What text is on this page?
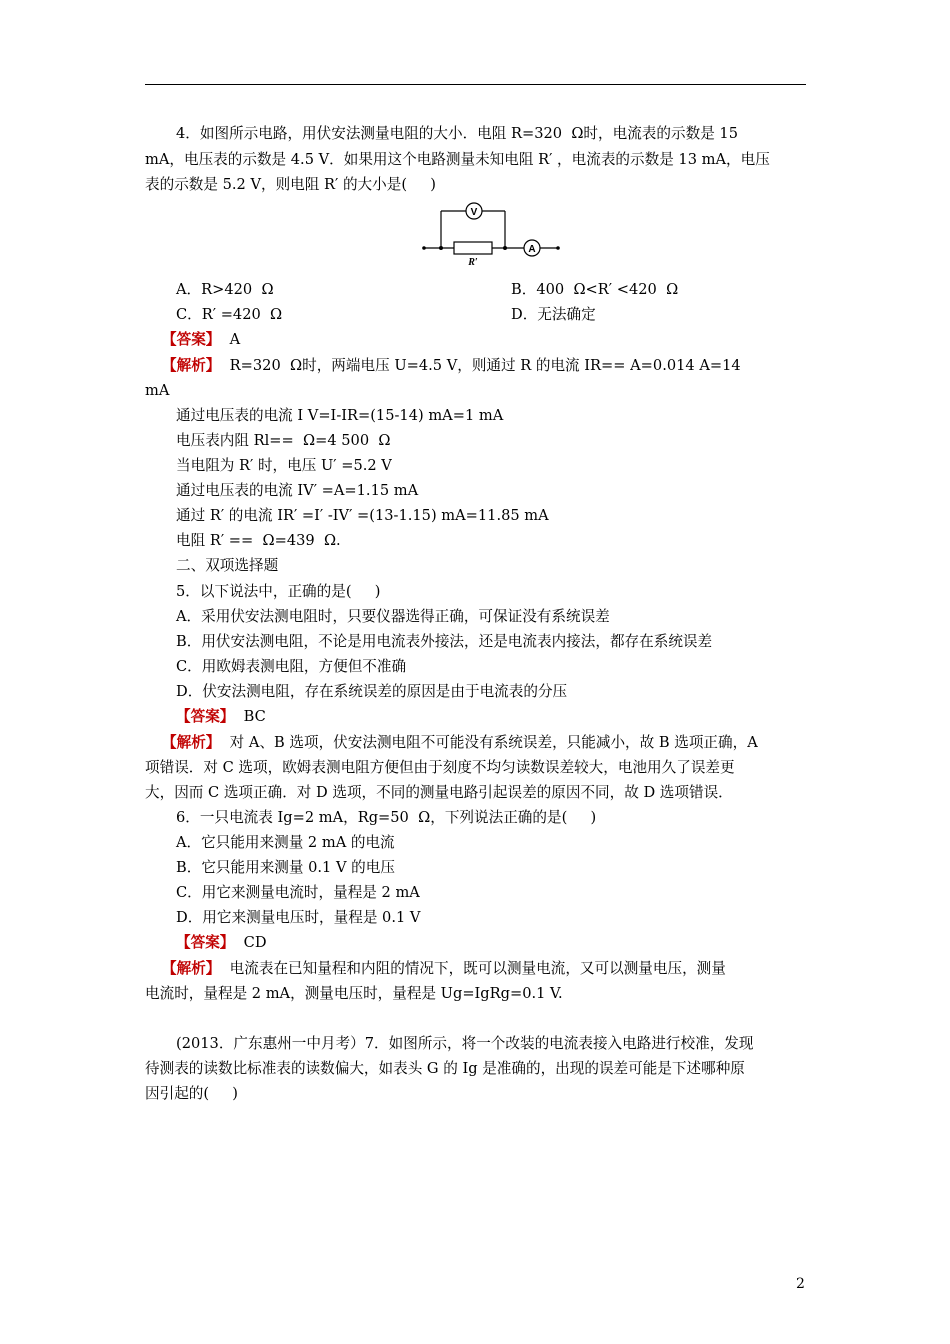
4．如图所示电路，用伏安法测量电阻的大小．电阻 R=320  Ω时，电流表的示数是 15
mA，电压表的示数是 4.5 V．如果用这个电路测量未知电阻 R′ ，电流表的示数是 13 mA，电压
表的示数是 5.2 V，则电阻 R′ 的大小是(     )
V
A
R′
A．R>420  Ω	B．400  Ω<R′ <420  Ω
C．R′ =420  Ω	D．无法确定
【答案】  A
【解析】  R=320  Ω时，两端电压 U=4.5 V，则通过 R 的电流 IR== A=0.014 A=14
mA
通过电压表的电流 I V=I-IR=(15-14) mA=1 mA
电压表内阻 Rl==  Ω=4 500  Ω
当电阻为 R′ 时，电压 U′ =5.2 V
通过电压表的电流 IV′ =A=1.15 mA
通过 R′ 的电流 IR′ =I′ -IV′ =(13-1.15) mA=11.85 mA
电阻 R′ ==  Ω=439  Ω.
二、双项选择题
5．以下说法中，正确的是(     )
A．采用伏安法测电阻时，只要仪器选得正确，可保证没有系统误差
B．用伏安法测电阻，不论是用电流表外接法，还是电流表内接法，都存在系统误差
C．用欧姆表测电阻，方便但不准确
D．伏安法测电阻，存在系统误差的原因是由于电流表的分压
【答案】  BC
【解析】  对 A、B 选项，伏安法测电阻不可能没有系统误差，只能减小，故 B 选项正确，A
项错误．对 C 选项，欧姆表测电阻方便但由于刻度不均匀读数误差较大，电池用久了误差更
大，因而 C 选项正确．对 D 选项，不同的测量电路引起误差的原因不同，故 D 选项错误．
6．一只电流表 Ig=2 mA，Rg=50  Ω，下列说法正确的是(     )
A．它只能用来测量 2 mA 的电流
B．它只能用来测量 0.1 V 的电压
C．用它来测量电流时，量程是 2 mA
D．用它来测量电压时，量程是 0.1 V
【答案】  CD
【解析】  电流表在已知量程和内阻的情况下，既可以测量电流，又可以测量电压，测量
电流时，量程是 2 mA，测量电压时，量程是 Ug=IgRg=0.1 V.
(2013．广东惠州一中月考）7．如图所示，将一个改装的电流表接入电路进行校准，发现
待测表的读数比标准表的读数偏大，如表头 G 的 Ig 是准确的，出现的误差可能是下述哪种原
因引起的(     )
2
